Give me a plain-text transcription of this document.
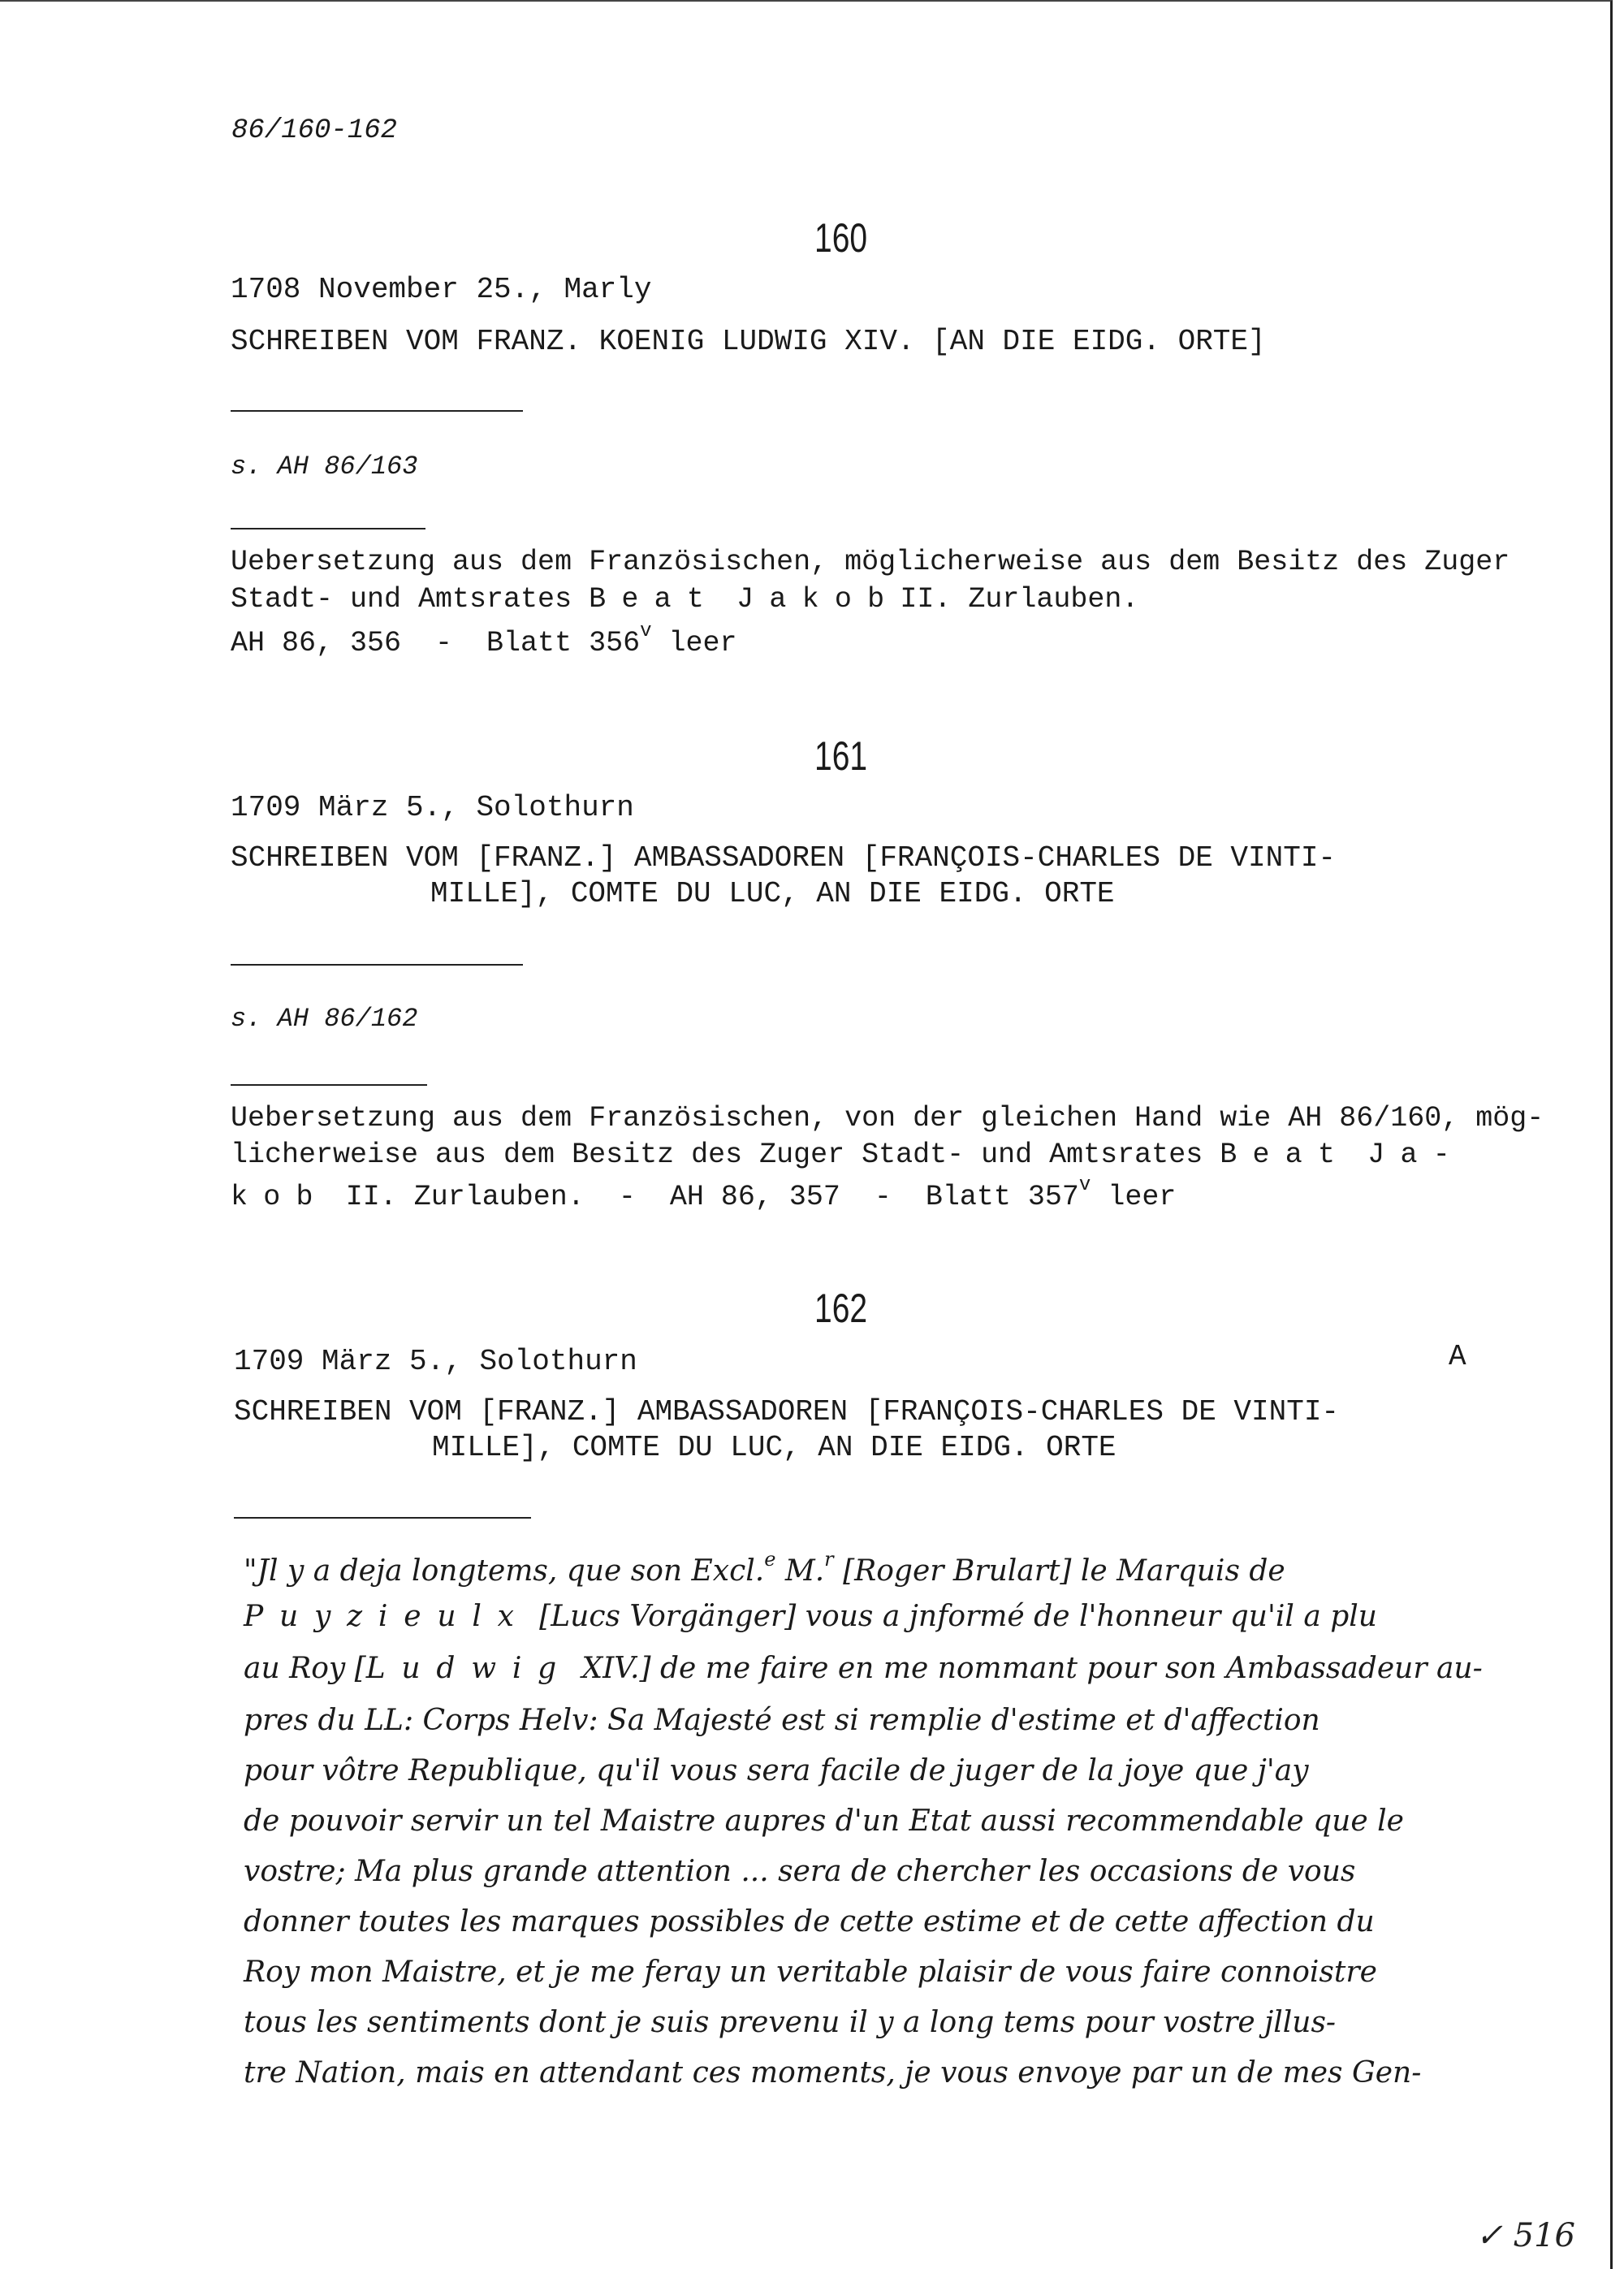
86/160-162
160
1708 November 25., Marly
SCHREIBEN VOM FRANZ. KOENIG LUDWIG XIV. [AN DIE EIDG. ORTE]
s. AH 86/163
Uebersetzung aus dem Französischen, möglicherweise aus dem Besitz des Zuger
Stadt- und Amtsrates Beat JakobII. Zurlauben.
AH 86, 356  -  Blatt 356$^v$ leer
161
1709 März 5., Solothurn
SCHREIBEN VOM [FRANZ.] AMBASSADOREN [FRANÇOIS-CHARLES DE VINTI-
MILLE], COMTE DU LUC, AN DIE EIDG. ORTE
s. AH 86/162
Uebersetzung aus dem Französischen, von der gleichen Hand wie AH 86/160, mög-
licherweise aus dem Besitz des Zuger Stadt- und Amtsrates Beat Ja-
kob II. Zurlauben.  -  AH 86, 357  -  Blatt 357$^v$ leer
162
1709 März 5., Solothurn	A
SCHREIBEN VOM [FRANZ.] AMBASSADOREN [FRANÇOIS-CHARLES DE VINTI-
MILLE], COMTE DU LUC, AN DIE EIDG. ORTE
"Jl y a deja longtems, que son Excl.$^e$ M.$^r$ [Roger Brulart] le Marquis de
Puyzieulx [Lucs Vorgänger] vous a jnformé de l'honneur qu'il a plu
au Roy [Ludwig XIV.] de me faire en me nommant pour son Ambassadeur au-
pres du LL: Corps Helv: Sa Majesté est si remplie d'estime et d'affection
pour vôtre Republique, qu'il vous sera facile de juger de la joye que j'ay
de pouvoir servir un tel Maistre aupres d'un Etat aussi recommendable que le
vostre; Ma plus grande attention ... sera de chercher les occasions de vous
donner toutes les marques possibles de cette estime et de cette affection du
Roy mon Maistre, et je me feray un veritable plaisir de vous faire connoistre
tous les sentiments dont je suis prevenu il y a long tems pour vostre jllus-
tre Nation, mais en attendant ces moments, je vous envoye par un de mes Gen-
✓ 516
